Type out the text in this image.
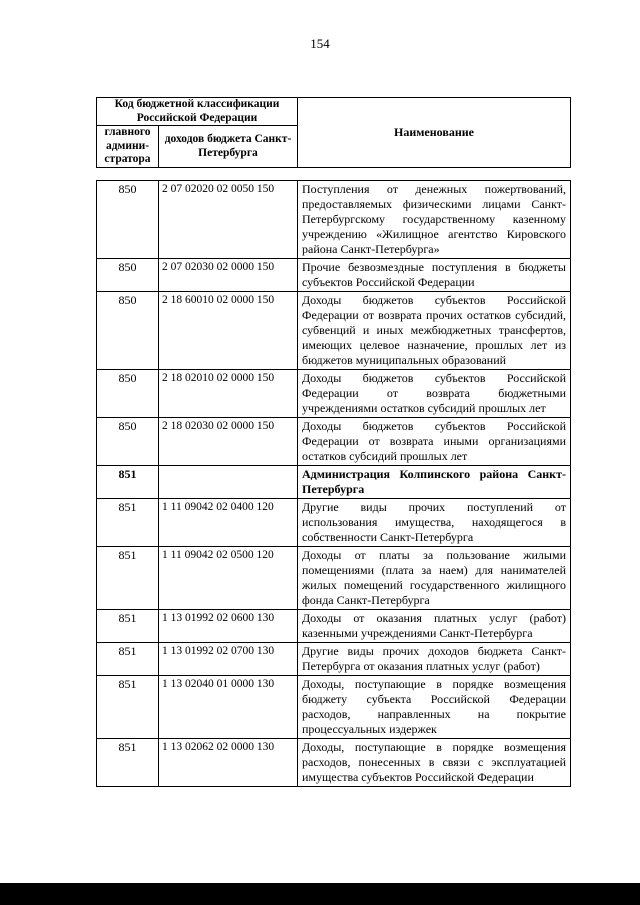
154
Код бюджетной классификации Российской Федерации		Наименование
главного админи- стратора	доходов бюджета Санкт-Петербурга	
850	2 07 02020 02 0050 150	Поступления от денежных пожертвований, предоставляемых физическими лицами Санкт-Петербургскому государственному казенному учреждению «Жилищное агентство Кировского района Санкт-Петербурга»
850	2 07 02030 02 0000 150	Прочие безвозмездные поступления в бюджеты субъектов Российской Федерации
850	2 18 60010 02 0000 150	Доходы бюджетов субъектов Российской Федерации от возврата прочих остатков субсидий, субвенций и иных межбюджетных трансфертов, имеющих целевое назначение, прошлых лет из бюджетов муниципальных образований
850	2 18 02010 02 0000 150	Доходы бюджетов субъектов Российской Федерации от возврата бюджетными учреждениями остатков субсидий прошлых лет
850	2 18 02030 02 0000 150	Доходы бюджетов субъектов Российской Федерации от возврата иными организациями остатков субсидий прошлых лет
851		Администрация Колпинского района Санкт-Петербурга
851	1 11 09042 02 0400 120	Другие виды прочих поступлений от использования имущества, находящегося в собственности Санкт-Петербурга
851	1 11 09042 02 0500 120	Доходы от платы за пользование жилыми помещениями (плата за наем) для нанимателей жилых помещений государственного жилищного фонда Санкт-Петербурга
851	1 13 01992 02 0600 130	Доходы от оказания платных услуг (работ) казенными учреждениями Санкт-Петербурга
851	1 13 01992 02 0700 130	Другие виды прочих доходов бюджета Санкт-Петербурга от оказания платных услуг (работ)
851	1 13 02040 01 0000 130	Доходы, поступающие в порядке возмещения бюджету субъекта Российской Федерации расходов, направленных на покрытие процессуальных издержек
851	1 13 02062 02 0000 130	Доходы, поступающие в порядке возмещения расходов, понесенных в связи с эксплуатацией имущества субъектов Российской Федерации
